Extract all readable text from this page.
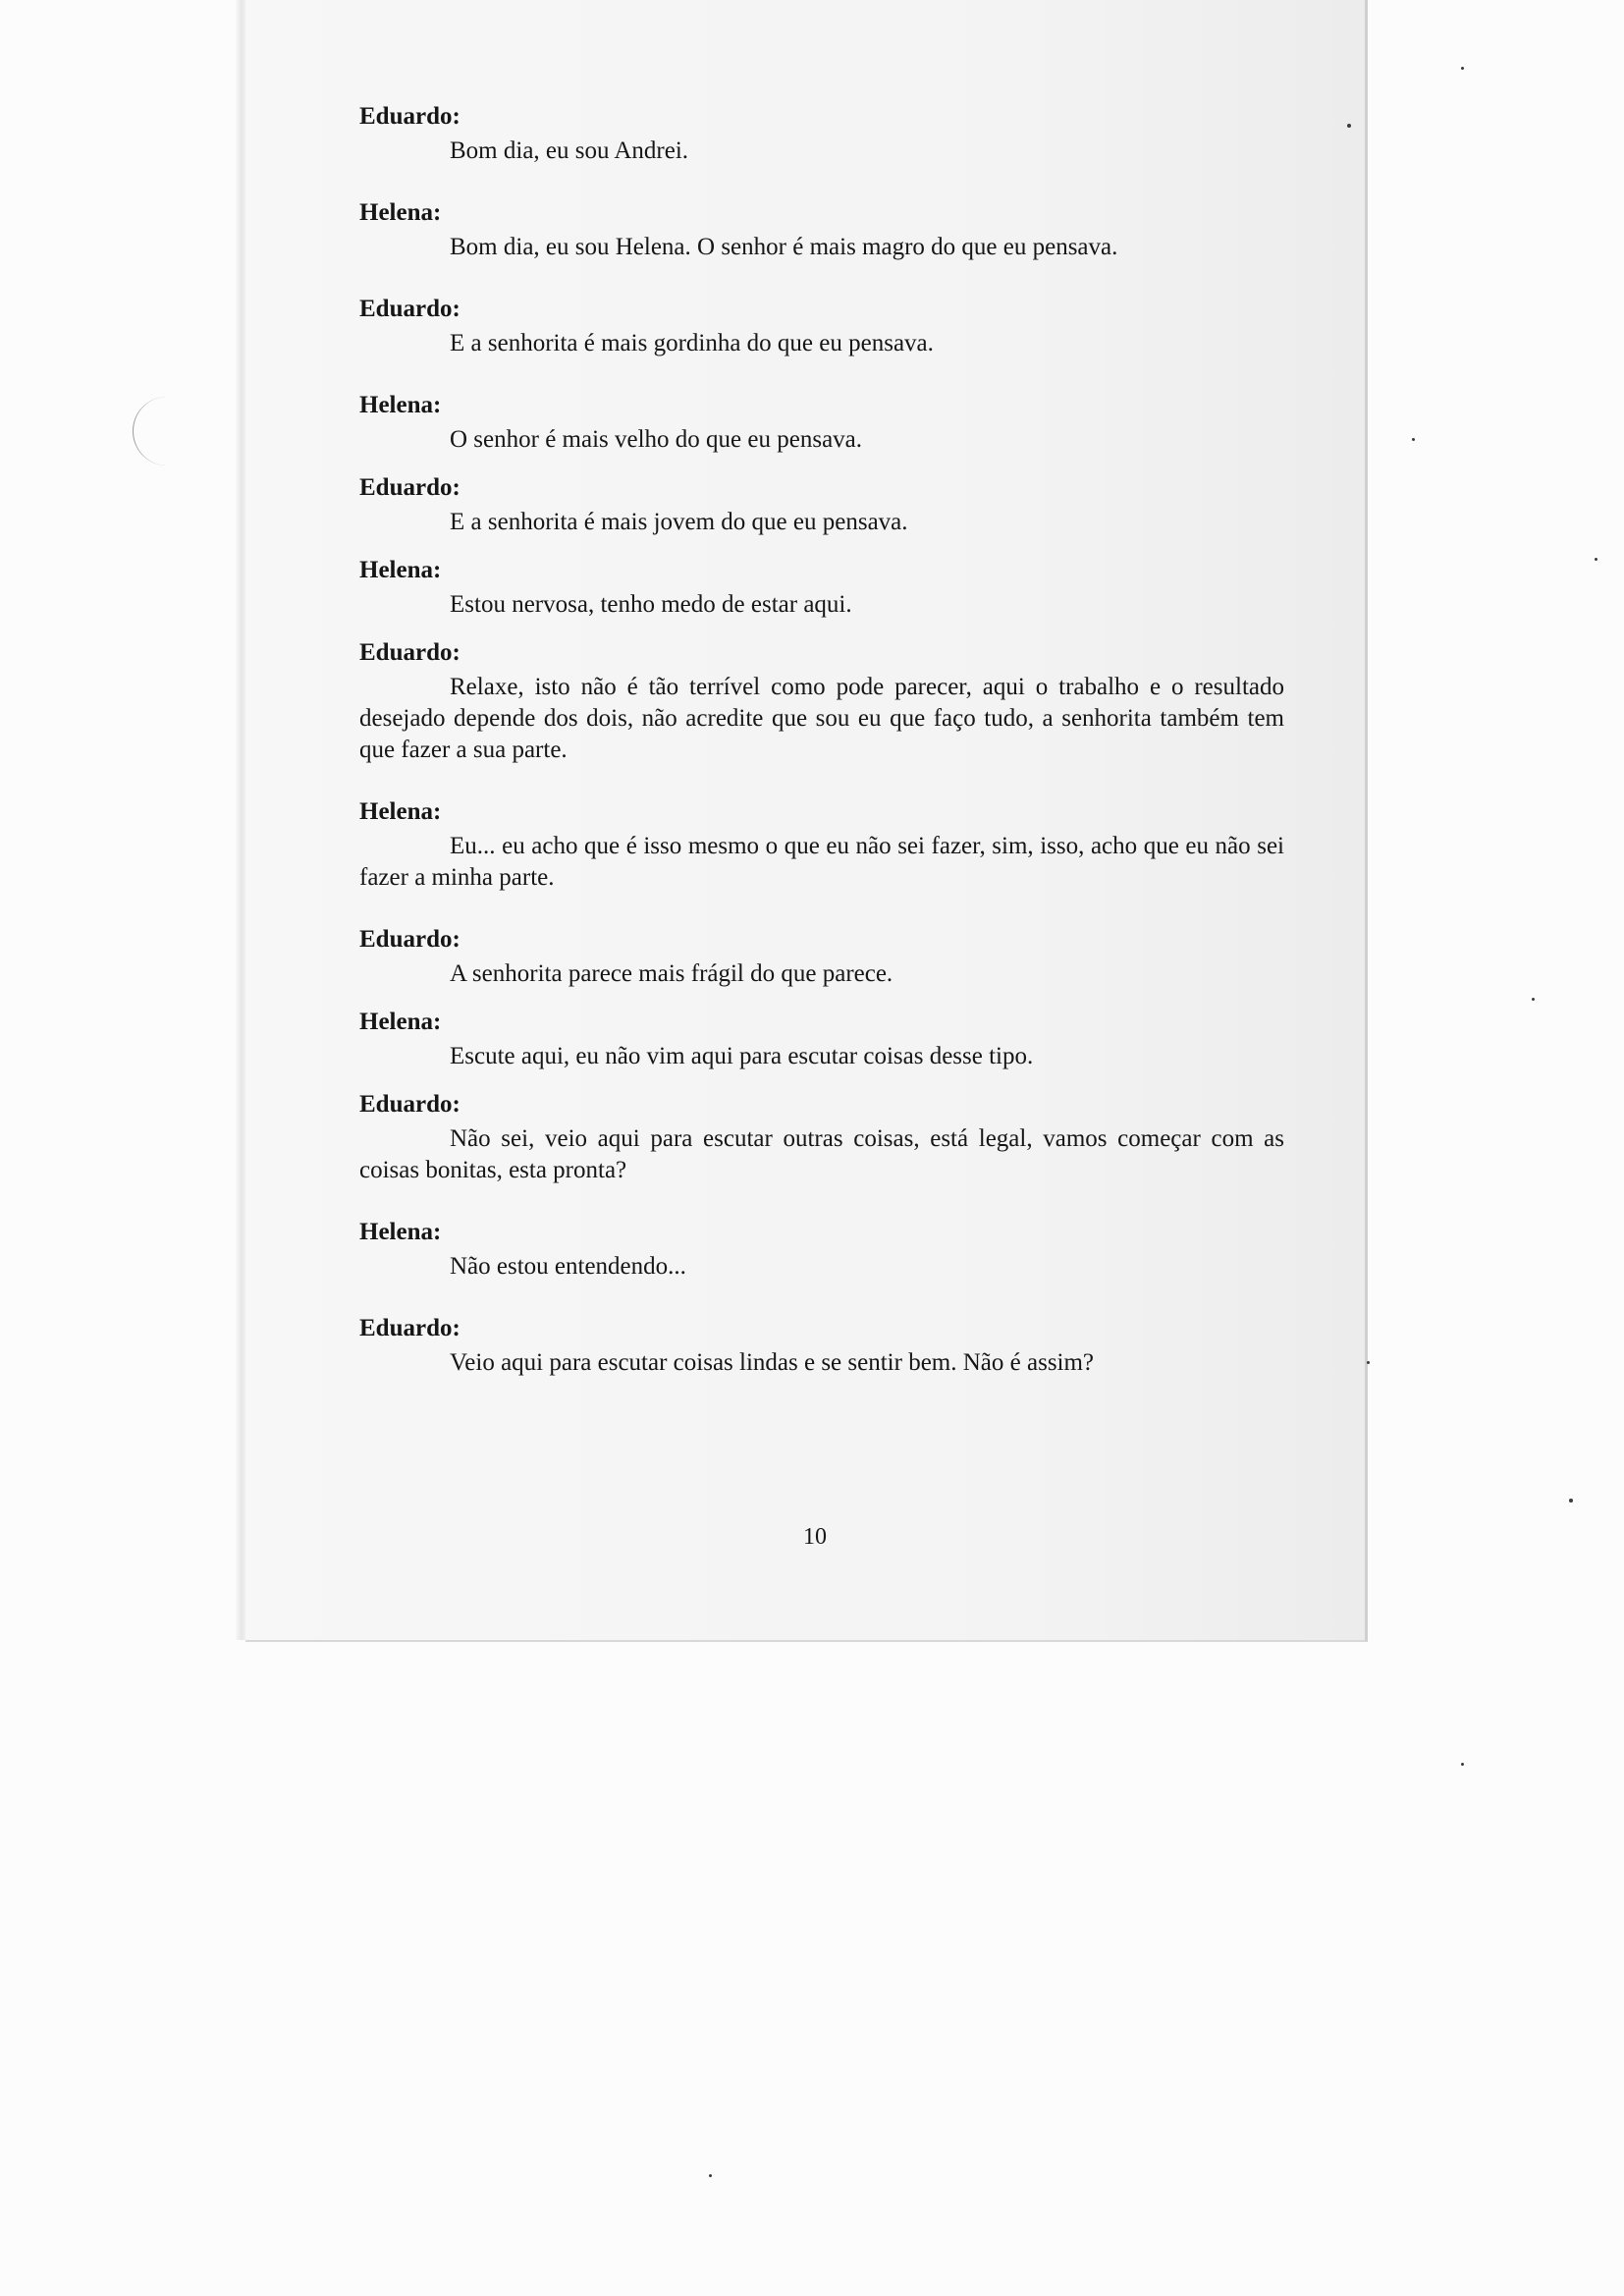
Eduardo:

Bom dia, eu sou Andrei.

Helena:

Bom dia, eu sou Helena. O senhor é mais magro do que eu pensava.

Eduardo:

E a senhorita é mais gordinha do que eu pensava.

Helena:

O senhor é mais velho do que eu pensava.

Eduardo:

E a senhorita é mais jovem do que eu pensava.

Helena:

Estou nervosa, tenho medo de estar aqui.

Eduardo:

Relaxe, isto não é tão terrível como pode parecer, aqui o trabalho e o resultado desejado depende dos dois, não acredite que sou eu que faço tudo, a senhorita também tem que fazer a sua parte.

Helena:

Eu... eu acho que é isso mesmo o que eu não sei fazer, sim, isso, acho que eu não sei fazer a minha parte.

Eduardo:

A senhorita parece mais frágil do que parece.

Helena:

Escute aqui, eu não vim aqui para escutar coisas desse tipo.

Eduardo:

Não sei, veio aqui para escutar outras coisas, está legal, vamos começar com as coisas bonitas, esta pronta?

Helena:

Não estou entendendo...

Eduardo:

Veio aqui para escutar coisas lindas e se sentir bem. Não é assim?

10
